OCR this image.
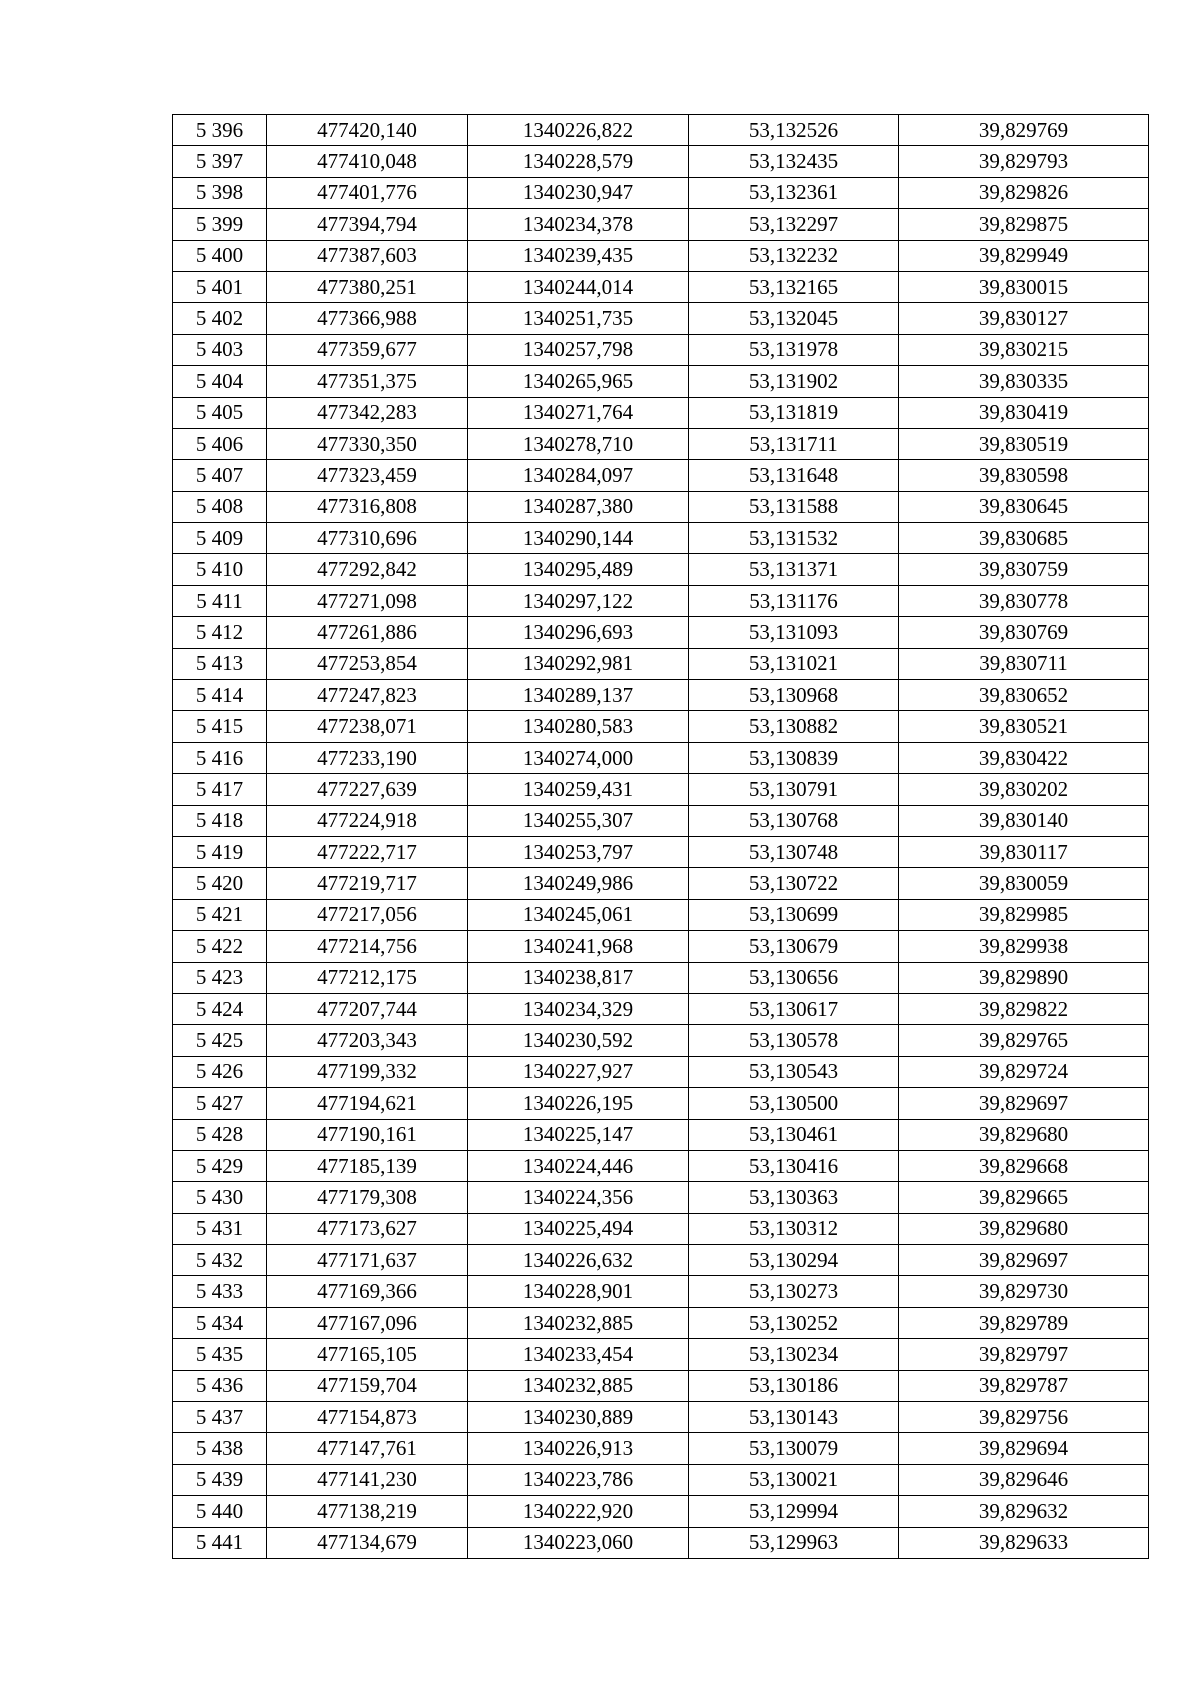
5 396	477420,140	1340226,822	53,132526	39,829769
5 397	477410,048	1340228,579	53,132435	39,829793
5 398	477401,776	1340230,947	53,132361	39,829826
5 399	477394,794	1340234,378	53,132297	39,829875
5 400	477387,603	1340239,435	53,132232	39,829949
5 401	477380,251	1340244,014	53,132165	39,830015
5 402	477366,988	1340251,735	53,132045	39,830127
5 403	477359,677	1340257,798	53,131978	39,830215
5 404	477351,375	1340265,965	53,131902	39,830335
5 405	477342,283	1340271,764	53,131819	39,830419
5 406	477330,350	1340278,710	53,131711	39,830519
5 407	477323,459	1340284,097	53,131648	39,830598
5 408	477316,808	1340287,380	53,131588	39,830645
5 409	477310,696	1340290,144	53,131532	39,830685
5 410	477292,842	1340295,489	53,131371	39,830759
5 411	477271,098	1340297,122	53,131176	39,830778
5 412	477261,886	1340296,693	53,131093	39,830769
5 413	477253,854	1340292,981	53,131021	39,830711
5 414	477247,823	1340289,137	53,130968	39,830652
5 415	477238,071	1340280,583	53,130882	39,830521
5 416	477233,190	1340274,000	53,130839	39,830422
5 417	477227,639	1340259,431	53,130791	39,830202
5 418	477224,918	1340255,307	53,130768	39,830140
5 419	477222,717	1340253,797	53,130748	39,830117
5 420	477219,717	1340249,986	53,130722	39,830059
5 421	477217,056	1340245,061	53,130699	39,829985
5 422	477214,756	1340241,968	53,130679	39,829938
5 423	477212,175	1340238,817	53,130656	39,829890
5 424	477207,744	1340234,329	53,130617	39,829822
5 425	477203,343	1340230,592	53,130578	39,829765
5 426	477199,332	1340227,927	53,130543	39,829724
5 427	477194,621	1340226,195	53,130500	39,829697
5 428	477190,161	1340225,147	53,130461	39,829680
5 429	477185,139	1340224,446	53,130416	39,829668
5 430	477179,308	1340224,356	53,130363	39,829665
5 431	477173,627	1340225,494	53,130312	39,829680
5 432	477171,637	1340226,632	53,130294	39,829697
5 433	477169,366	1340228,901	53,130273	39,829730
5 434	477167,096	1340232,885	53,130252	39,829789
5 435	477165,105	1340233,454	53,130234	39,829797
5 436	477159,704	1340232,885	53,130186	39,829787
5 437	477154,873	1340230,889	53,130143	39,829756
5 438	477147,761	1340226,913	53,130079	39,829694
5 439	477141,230	1340223,786	53,130021	39,829646
5 440	477138,219	1340222,920	53,129994	39,829632
5 441	477134,679	1340223,060	53,129963	39,829633
